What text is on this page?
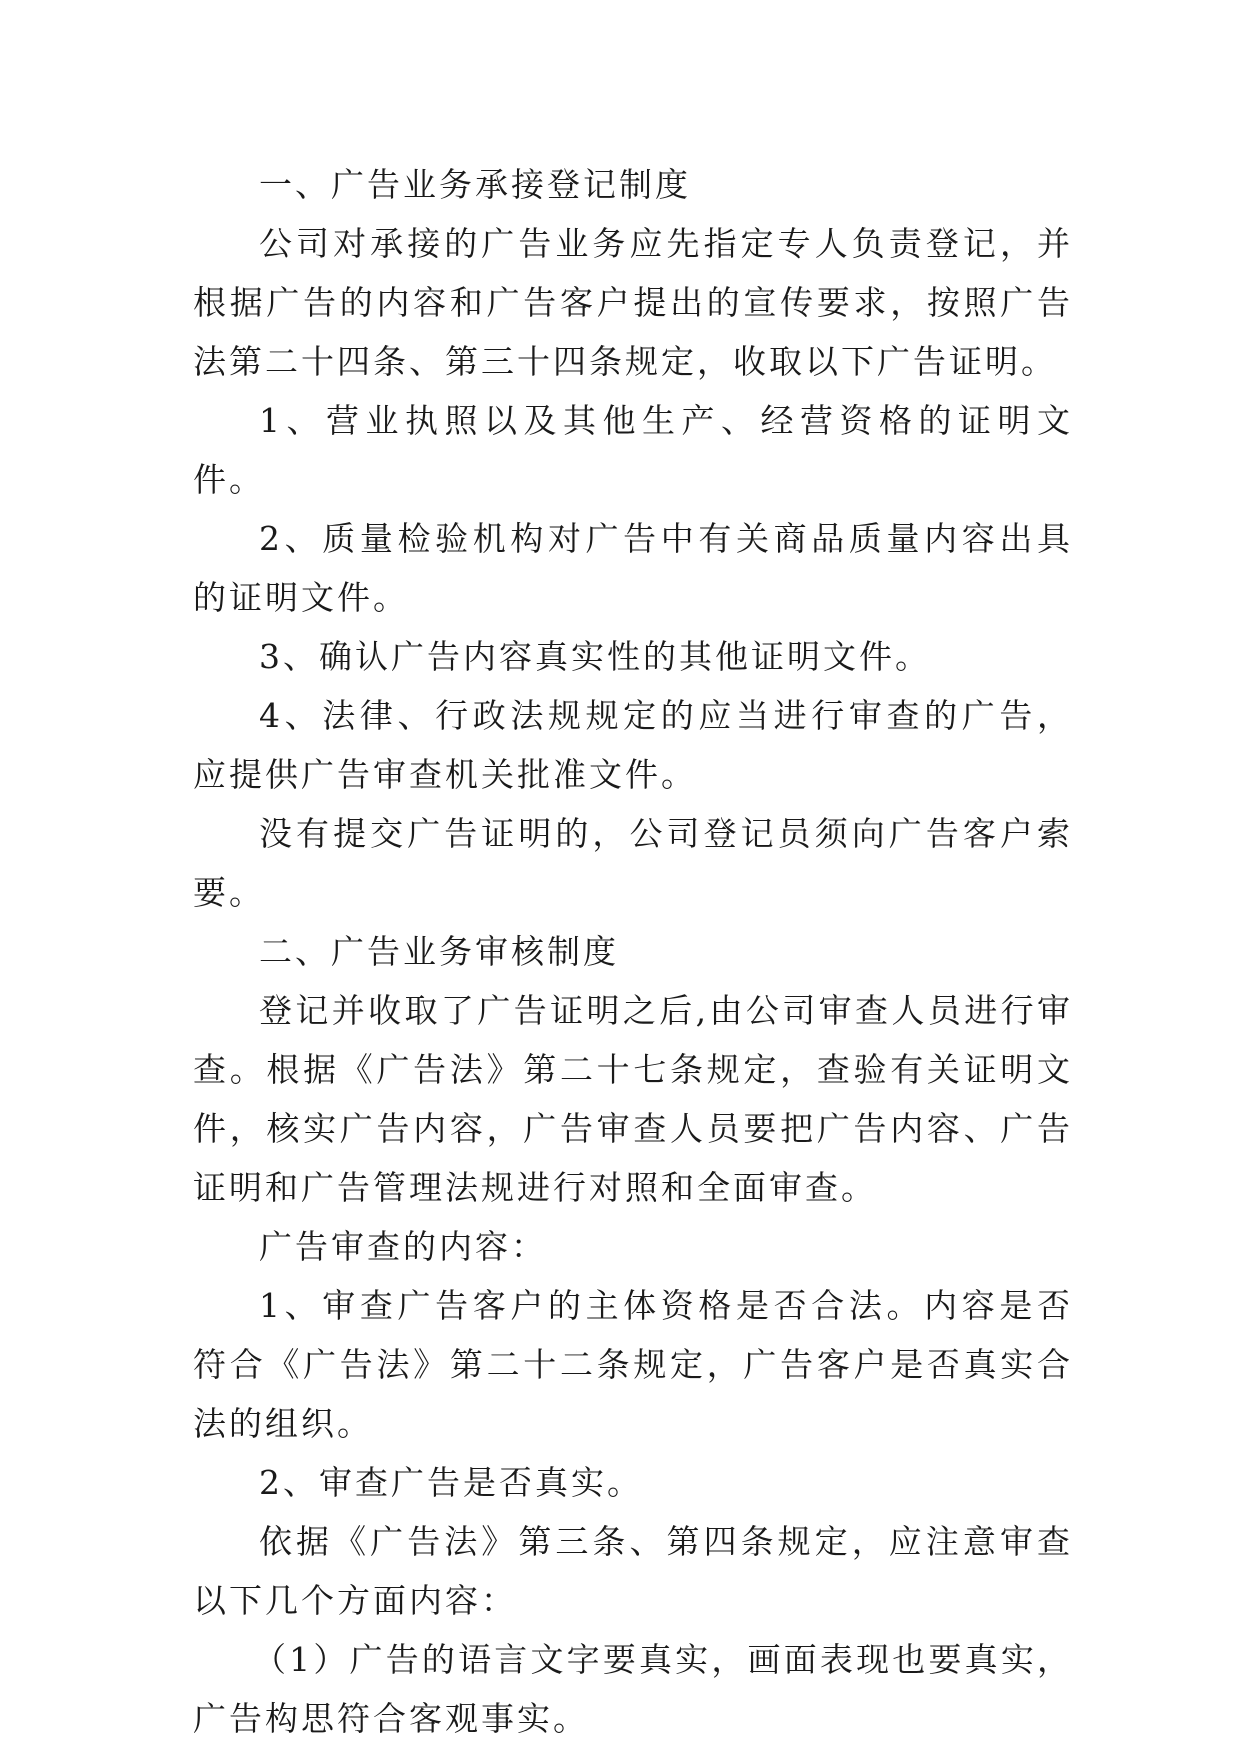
一、广告业务承接登记制度

公司对承接的广告业务应先指定专人负责登记，并根据广告的内容和广告客户提出的宣传要求，按照广告法第二十四条、第三十四条规定，收取以下广告证明。

1、营业执照以及其他生产、经营资格的证明文件。

2、质量检验机构对广告中有关商品质量内容出具的证明文件。

3、确认广告内容真实性的其他证明文件。

4、法律、行政法规规定的应当进行审查的广告，应提供广告审查机关批准文件。

没有提交广告证明的，公司登记员须向广告客户索要。

二、广告业务审核制度

登记并收取了广告证明之后,由公司审查人员进行审查。根据《广告法》第二十七条规定，查验有关证明文件，核实广告内容，广告审查人员要把广告内容、广告证明和广告管理法规进行对照和全面审查。

广告审查的内容：

1、审查广告客户的主体资格是否合法。内容是否符合《广告法》第二十二条规定，广告客户是否真实合法的组织。

2、审查广告是否真实。

依据《广告法》第三条、第四条规定，应注意审查以下几个方面内容：

（1）广告的语言文字要真实，画面表现也要真实，广告构思符合客观事实。
